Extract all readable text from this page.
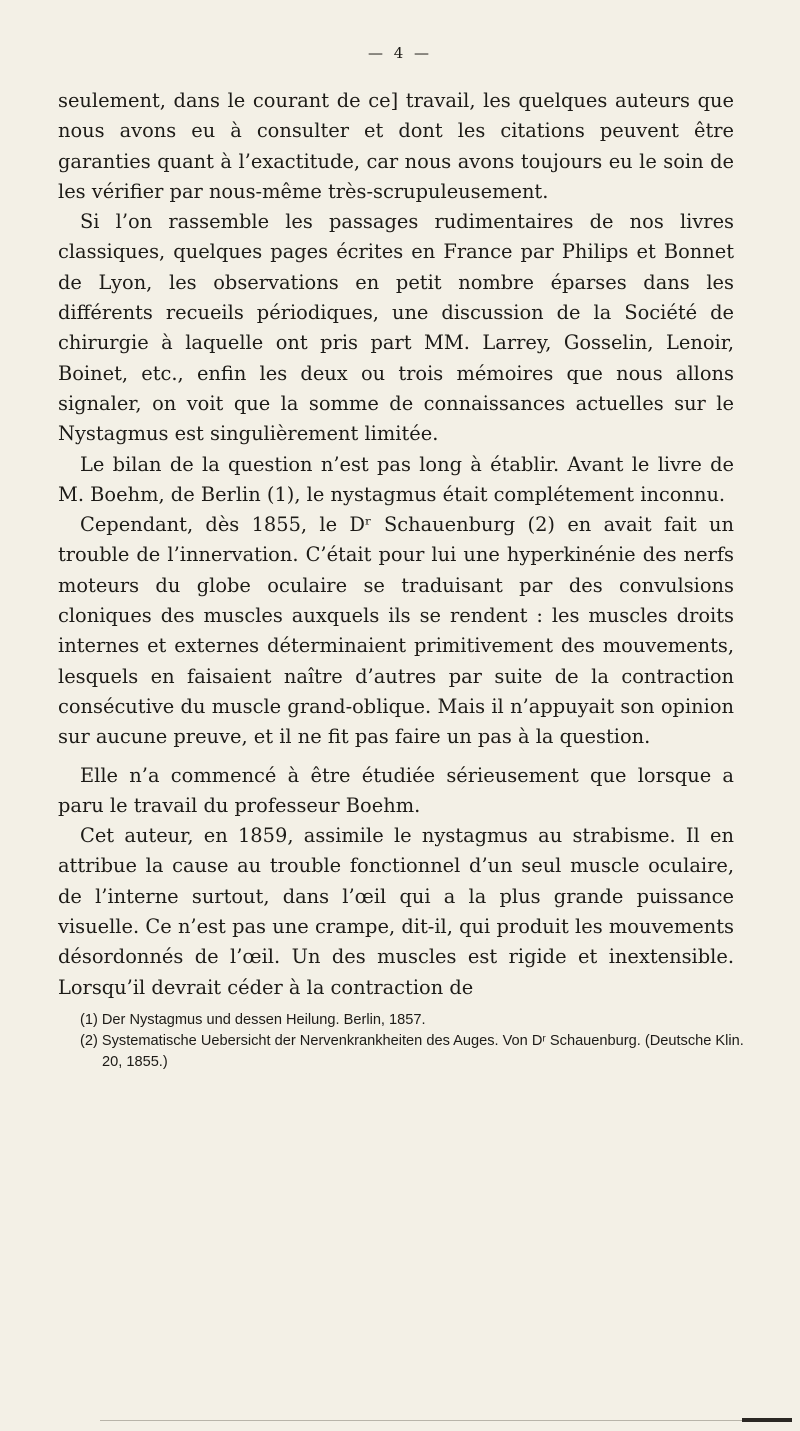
— 4 —

seulement, dans le courant de ce] travail, les quelques auteurs que nous avons eu à consulter et dont les citations peuvent être garanties quant à l’exactitude, car nous avons toujours eu le soin de les vérifier par nous-même très-scrupuleusement.

Si l’on rassemble les passages rudimentaires de nos livres classiques, quelques pages écrites en France par Philips et Bonnet de Lyon, les observations en petit nombre éparses dans les différents recueils périodiques, une discussion de la Société de chirurgie à laquelle ont pris part MM. Larrey, Gosselin, Lenoir, Boinet, etc., enfin les deux ou trois mémoires que nous allons signaler, on voit que la somme de connaissances actuelles sur le Nystagmus est singulièrement limitée.

Le bilan de la question n’est pas long à établir. Avant le livre de M. Boehm, de Berlin (1), le nystagmus était complétement inconnu.

Cependant, dès 1855, le Dʳ Schauenburg (2) en avait fait un trouble de l’innervation. C’était pour lui une hyperkinénie des nerfs moteurs du globe oculaire se traduisant par des convulsions cloniques des muscles auxquels ils se rendent : les muscles droits internes et externes déterminaient primitivement des mouvements, lesquels en faisaient naître d’autres par suite de la contraction consécutive du muscle grand-oblique. Mais il n’appuyait son opinion sur aucune preuve, et il ne fit pas faire un pas à la question.

Elle n’a commencé à être étudiée sérieusement que lorsque a paru le travail du professeur Boehm.

Cet auteur, en 1859, assimile le nystagmus au strabisme. Il en attribue la cause au trouble fonctionnel d’un seul muscle oculaire, de l’interne surtout, dans l’œil qui a la plus grande puissance visuelle. Ce n’est pas une crampe, dit-il, qui produit les mouvements désordonnés de l’œil. Un des muscles est rigide et inextensible. Lorsqu’il devrait céder à la contraction de

(1) Der Nystagmus und dessen Heilung. Berlin, 1857.

(2) Systematische Uebersicht der Nervenkrankheiten des Auges. Von Dʳ Schauenburg. (Deutsche Klin. 20, 1855.)
